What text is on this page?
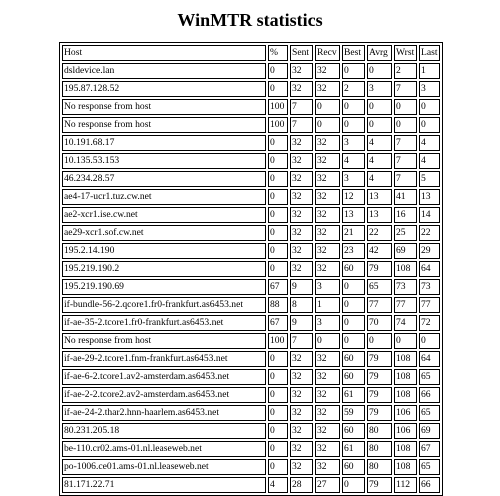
WinMTR statistics
Host	%	Sent	Recv	Best	Avrg	Wrst	Last
dsldevice.lan	0	32	32	0	0	2	1
195.87.128.52	0	32	32	2	3	7	3
No response from host	100	7	0	0	0	0	0
No response from host	100	7	0	0	0	0	0
10.191.68.17	0	32	32	3	4	7	4
10.135.53.153	0	32	32	4	4	7	4
46.234.28.57	0	32	32	3	4	7	5
ae4-17-ucr1.tuz.cw.net	0	32	32	12	13	41	13
ae2-xcr1.ise.cw.net	0	32	32	13	13	16	14
ae29-xcr1.sof.cw.net	0	32	32	21	22	25	22
195.2.14.190	0	32	32	23	42	69	29
195.219.190.2	0	32	32	60	79	108	64
195.219.190.69	67	9	3	0	65	73	73
if-bundle-56-2.qcore1.fr0-frankfurt.as6453.net	88	8	1	0	77	77	77
if-ae-35-2.tcore1.fr0-frankfurt.as6453.net	67	9	3	0	70	74	72
No response from host	100	7	0	0	0	0	0
if-ae-29-2.tcore1.fnm-frankfurt.as6453.net	0	32	32	60	79	108	64
if-ae-6-2.tcore1.av2-amsterdam.as6453.net	0	32	32	60	79	108	65
if-ae-2-2.tcore2.av2-amsterdam.as6453.net	0	32	32	61	79	108	66
if-ae-24-2.thar2.hnn-haarlem.as6453.net	0	32	32	59	79	106	65
80.231.205.18	0	32	32	60	80	106	69
be-110.cr02.ams-01.nl.leaseweb.net	0	32	32	61	80	108	67
po-1006.ce01.ams-01.nl.leaseweb.net	0	32	32	60	80	108	65
81.171.22.71	4	28	27	0	79	112	66
